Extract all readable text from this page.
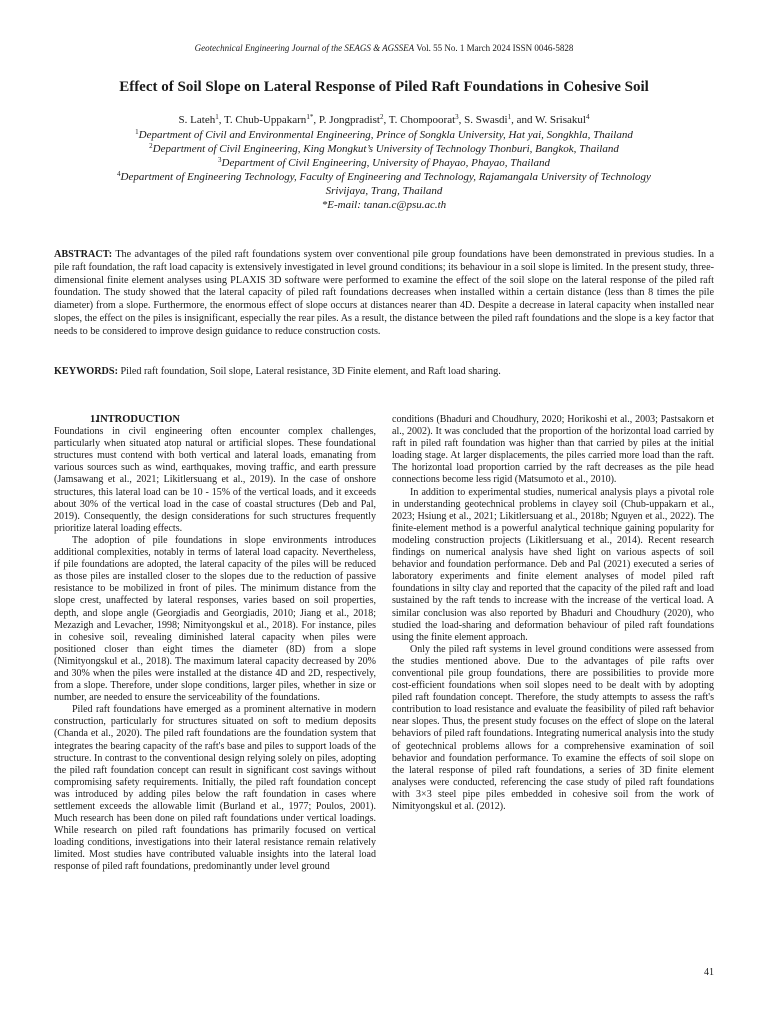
Geotechnical Engineering Journal of the SEAGS & AGSSEA Vol. 55 No. 1 March 2024 ISSN 0046-5828
Effect of Soil Slope on Lateral Response of Piled Raft Foundations in Cohesive Soil
S. Lateh$^1$, T. Chub-Uppakarn$^{1*}$, P. Jongpradist$^2$, T. Chompoorat$^3$, S. Swasdi$^1$, and W. Srisakul$^4$
$^1$Department of Civil and Environmental Engineering, Prince of Songkla University, Hat yai, Songkhla, Thailand
$^2$Department of Civil Engineering, King Mongkut’s University of Technology Thonburi, Bangkok, Thailand
$^3$Department of Civil Engineering, University of Phayao, Phayao, Thailand
$^4$Department of Engineering Technology, Faculty of Engineering and Technology, Rajamangala University of Technology
Srivijaya, Trang, Thailand
*E-mail: tanan.c@psu.ac.th

ABSTRACT: The advantages of the piled raft foundations system over conventional pile group foundations have been demonstrated in previous studies. In a pile raft foundation, the raft load capacity is extensively investigated in level ground conditions; its behaviour in a soil slope is limited. In the present study, three-dimensional finite element analyses using PLAXIS 3D software were performed to examine the effect of the soil slope on the lateral response of the piled raft foundation. The study showed that the lateral capacity of piled raft foundations decreases when installed within a certain distance (less than 8 times the pile diameter) from a slope. Furthermore, the enormous effect of slope occurs at distances nearer than 4D. Despite a decrease in lateral capacity when installed near slopes, the effect on the piles is insignificant, especially the rear piles. As a result, the distance between the piled raft foundations and the slope is a key factor that needs to be considered to improve design guidance to reduce construction costs.

KEYWORDS: Piled raft foundation, Soil slope, Lateral resistance, 3D Finite element, and Raft load sharing.

1.INTRODUCTION

Foundations in civil engineering often encounter complex challenges, particularly when situated atop natural or artificial slopes. These foundational structures must contend with both vertical and lateral loads, emanating from various sources such as wind, earthquakes, moving traffic, and earth pressure (Jamsawang et al., 2021; Likitlersuang et al., 2019). In the case of onshore structures, this lateral load can be 10 - 15% of the vertical loads, and it exceeds about 30% of the vertical load in the case of coastal structures (Deb and Pal, 2019). Consequently, the design considerations for such structures frequently prioritize lateral loading effects.

The adoption of pile foundations in slope environments introduces additional complexities, notably in terms of lateral load capacity. Nevertheless, if pile foundations are adopted, the lateral capacity of the piles will be reduced as those piles are installed closer to the slopes due to the reduction of passive resistance to be mobilized in front of piles. The minimum distance from the slope crest, unaffected by lateral responses, varies based on soil properties, depth, and slope angle (Georgiadis and Georgiadis, 2010; Jiang et al., 2018; Mezazigh and Levacher, 1998; Nimityongskul et al., 2018). For instance, piles in cohesive soil, revealing diminished lateral capacity when piles were positioned closer than eight times the diameter (8D) from a slope (Nimityongskul et al., 2018). The maximum lateral capacity decreased by 20% and 30% when the piles were installed at the distance 4D and 2D, respectively, from a slope. Therefore, under slope conditions, larger piles, whether in size or number, are needed to ensure the serviceability of the foundations.

Piled raft foundations have emerged as a prominent alternative in modern construction, particularly for structures situated on soft to medium deposits (Chanda et al., 2020). The piled raft foundations are the foundation system that integrates the bearing capacity of the raft's base and piles to support loads of the structure. In contrast to the conventional design relying solely on piles, adopting the piled raft foundation concept can result in significant cost savings without compromising safety requirements. Initially, the piled raft foundation concept was introduced by adding piles below the raft foundation in cases where settlement exceeds the allowable limit (Burland et al., 1977; Poulos, 2001). Much research has been done on piled raft foundations under vertical loadings. While research on piled raft foundations has primarily focused on vertical loading conditions, investigations into their lateral resistance remain relatively limited. Most studies have contributed valuable insights into the lateral load response of piled raft foundations, predominantly under level ground

conditions (Bhaduri and Choudhury, 2020; Horikoshi et al., 2003; Pastsakorn et al., 2002). It was concluded that the proportion of the horizontal load carried by raft in piled raft foundation was higher than that carried by piles at the initial loading stage. At larger displacements, the piles carried more load than the raft. The horizontal load proportion carried by the raft decreases as the pile head connections become less rigid (Matsumoto et al., 2010).

In addition to experimental studies, numerical analysis plays a pivotal role in understanding geotechnical problems in clayey soil (Chub-uppakarn et al., 2023; Hsiung et al., 2021; Likitlersuang et al., 2018b; Nguyen et al., 2022). The finite-element method is a powerful analytical technique gaining popularity for modeling construction projects (Likitlersuang et al., 2014). Recent research findings on numerical analysis have shed light on various aspects of soil behavior and foundation performance. Deb and Pal (2021) executed a series of laboratory experiments and finite element analyses of model piled raft foundations in silty clay and reported that the capacity of the piled raft and load sustained by the raft tends to increase with the increase of the vertical load. A similar conclusion was also reported by Bhaduri and Choudhury (2020), who studied the load-sharing and deformation behaviour of piled raft foundations using the finite element approach.

Only the piled raft systems in level ground conditions were assessed from the studies mentioned above. Due to the advantages of pile rafts over conventional pile group foundations, there are possibilities to provide more cost-efficient foundations when soil slopes need to be dealt with by adopting piled raft foundation concept. Therefore, the study attempts to assess the raft's contribution to load resistance and evaluate the feasibility of piled raft behavior near slopes. Thus, the present study focuses on the effect of slope on the lateral behaviors of piled raft foundations. Integrating numerical analysis into the study of geotechnical problems allows for a comprehensive examination of soil behavior and foundation performance. To examine the effects of soil slope on the lateral response of piled raft foundations, a series of 3D finite element analyses were conducted, referencing the case study of piled raft foundations with 3×3 steel pipe piles embedded in cohesive soil from the work of Nimityongskul et al. (2012).

41
